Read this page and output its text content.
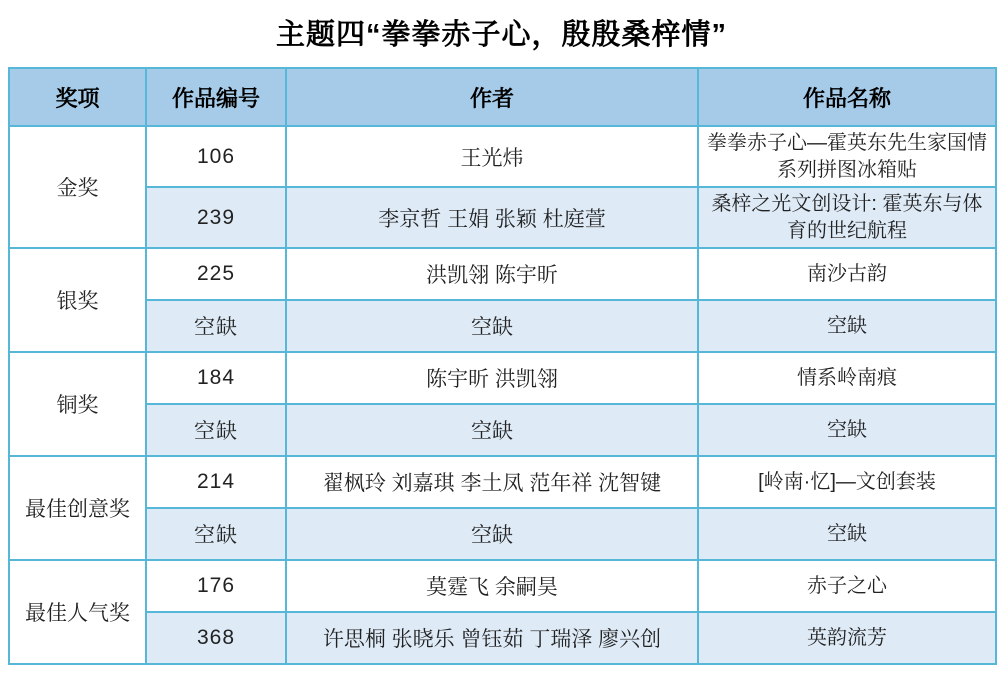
主题四“拳拳赤子心，殷殷桑梓情”
奖项	作品编号	作者	作品名称
金奖	106	王光炜	拳拳赤子心—霍英东先生家国情系列拼图冰箱贴
	239	李京哲 王娟 张颖 杜庭萱	桑梓之光文创设计: 霍英东与体育的世纪航程
银奖	225	洪凯翎 陈宇昕	南沙古韵
	空缺	空缺	空缺
铜奖	184	陈宇昕 洪凯翎	情系岭南痕
	空缺	空缺	空缺
最佳创意奖	214	翟枫玲 刘嘉琪 李土凤 范年祥 沈智键	[岭南·忆]—文创套装
	空缺	空缺	空缺
最佳人气奖	176	莫霆飞 余嗣昊	赤子之心
	368	许思桐 张晓乐 曾钰茹 丁瑞泽 廖兴创	英韵流芳
